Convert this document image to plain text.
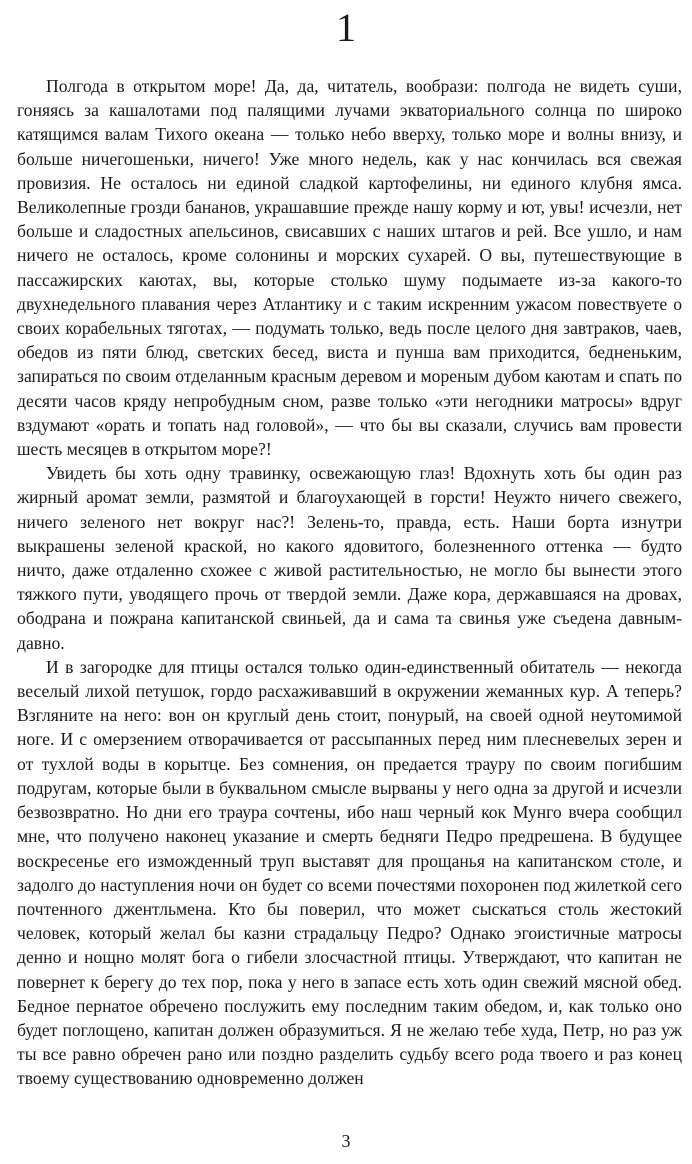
1

Полгода в открытом море! Да, да, читатель, вообрази: полгода не видеть суши, гоняясь за кашалотами под палящими лучами экваториального солнца по широко катящимся валам Тихого океана — только небо вверху, только море и волны внизу, и больше ничегошеньки, ничего! Уже много недель, как у нас кончилась вся свежая провизия. Не осталось ни единой сладкой картофелины, ни единого клубня ямса. Великолепные грозди бананов, украшавшие прежде нашу корму и ют, увы! исчезли, нет больше и сладостных апельсинов, свисавших с наших штагов и рей. Все ушло, и нам ничего не осталось, кроме солонины и морских сухарей. О вы, путешествующие в пассажирских каютах, вы, которые столько шуму подымаете из-за какого-то двухнедельного плавания через Атлантику и с таким искренним ужасом повествуете о своих корабельных тяготах, — подумать только, ведь после целого дня завтраков, чаев, обедов из пяти блюд, светских бесед, виста и пунша вам приходится, бедненьким, запираться по своим отделанным красным деревом и мореным дубом каютам и спать по десяти часов кряду непробудным сном, разве только «эти негодники матросы» вдруг вздумают «орать и топать над головой», — что бы вы сказали, случись вам провести шесть месяцев в открытом море?!

Увидеть бы хоть одну травинку, освежающую глаз! Вдохнуть хоть бы один раз жирный аромат земли, размятой и благоухающей в горсти! Неужто ничего свежего, ничего зеленого нет вокруг нас?! Зелень-то, правда, есть. Наши борта изнутри выкрашены зеленой краской, но какого ядовитого, болезненного оттенка — будто ничто, даже отдаленно схожее с живой растительностью, не могло бы вынести этого тяжкого пути, уводящего прочь от твердой земли. Даже кора, державшаяся на дровах, ободрана и пожрана капитанской свиньей, да и сама та свинья уже съедена давным-давно.

И в загородке для птицы остался только один-единственный обитатель — некогда веселый лихой петушок, гордо расхаживавший в окружении жеманных кур. А теперь? Взгляните на него: вон он круглый день стоит, понурый, на своей одной неутомимой ноге. И с омерзением отворачивается от рассыпанных перед ним плесневелых зерен и от тухлой воды в корытце. Без сомнения, он предается трауру по своим погибшим подругам, которые были в буквальном смысле вырваны у него одна за другой и исчезли безвозвратно. Но дни его траура сочтены, ибо наш черный кок Мунго вчера сообщил мне, что получено наконец указание и смерть бедняги Педро предрешена. В будущее воскресенье его изможденный труп выставят для прощанья на капитанском столе, и задолго до наступления ночи он будет со всеми почестями похоронен под жилеткой сего почтенного джентльмена. Кто бы поверил, что может сыскаться столь жестокий человек, который желал бы казни страдальцу Педро? Однако эгоистичные матросы денно и нощно молят бога о гибели злосчастной птицы. Утверждают, что капитан не повернет к берегу до тех пор, пока у него в запасе есть хоть один свежий мясной обед. Бедное пернатое обречено послужить ему последним таким обедом, и, как только оно будет поглощено, капитан должен образумиться. Я не желаю тебе худа, Петр, но раз уж ты все равно обречен рано или поздно разделить судьбу всего рода твоего и раз конец твоему существованию одновременно должен

3
